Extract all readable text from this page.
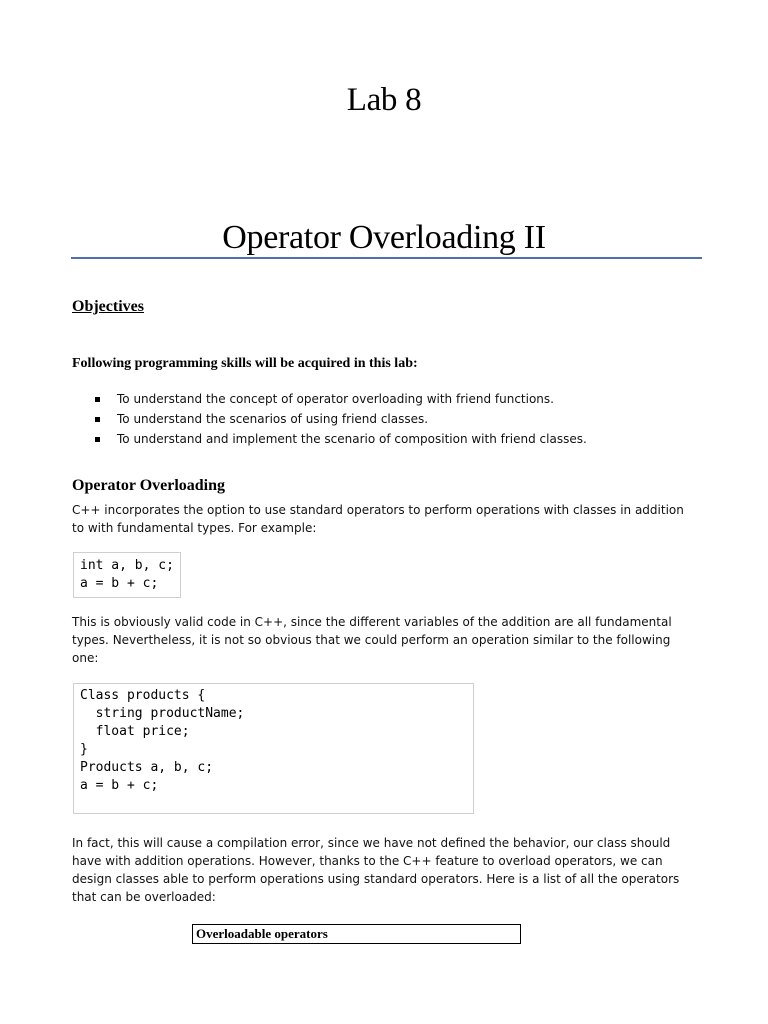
Lab 8
Operator Overloading II
Objectives
Following programming skills will be acquired in this lab:
To understand the concept of operator overloading with friend functions.
To understand the scenarios of using friend classes.
To understand and implement the scenario of composition with friend classes.
Operator Overloading
C++ incorporates the option to use standard operators to perform operations with classes in addition to with fundamental types. For example:
int a, b, c;
a = b + c;
This is obviously valid code in C++, since the different variables of the addition are all fundamental types. Nevertheless, it is not so obvious that we could perform an operation similar to the following one:
Class products {
string productName;
float price;
}
Products a, b, c;
a = b + c;
In fact, this will cause a compilation error, since we have not defined the behavior, our class should have with addition operations. However, thanks to the C++ feature to overload operators, we can design classes able to perform operations using standard operators. Here is a list of all the operators that can be overloaded:
Overloadable operators
